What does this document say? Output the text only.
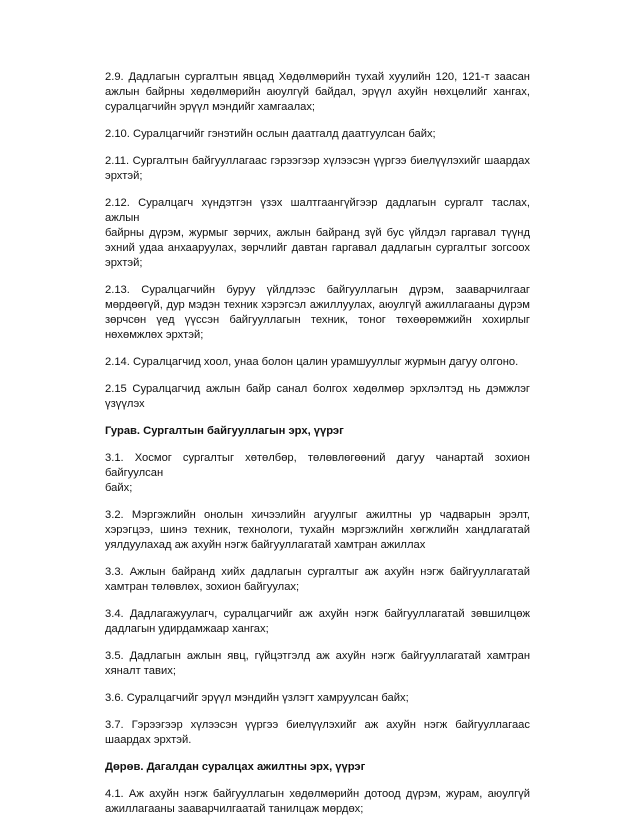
2.9. Дадлагын сургалтын явцад Хөдөлмөрийн тухай хуулийн 120, 121-т заасан
ажлын байрны хөдөлмөрийн аюулгүй байдал, эрүүл ахуйн нөхцөлийг хангах,
суралцагчийн эрүүл мэндийг хамгаалах;
2.10. Суралцагчийг гэнэтийн ослын даатгалд даатгуулсан байх;
2.11. Сургалтын байгууллагаас гэрээгээр хүлээсэн үүргээ биелүүлэхийг шаардах
эрхтэй;
2.12. Суралцагч хүндэтгэн үзэх шалтгаангүйгээр дадлагын сургалт таслах, ажлын
байрны дүрэм, журмыг зөрчих, ажлын байранд зүй бус үйлдэл гаргавал түүнд
эхний удаа анхааруулах, зөрчлийг давтан гаргавал дадлагын сургалтыг зогсоох
эрхтэй;
2.13. Суралцагчийн буруу үйлдлээс байгууллагын дүрэм, зааварчилгааг
мөрдөөгүй, дур мэдэн техник хэрэгсэл ажиллуулах, аюулгүй ажиллагааны дүрэм
зөрчсөн үед үүссэн байгууллагын техник, тоног төхөөрөмжийн хохирлыг
нөхөмжлөх эрхтэй;
2.14. Суралцагчид хоол, унаа болон цалин урамшууллыг журмын дагуу олгоно.
2.15 Суралцагчид ажлын байр санал болгох хөдөлмөр эрхлэлтэд нь дэмжлэг
үзүүлэх
Гурав. Сургалтын байгууллагын эрх, үүрэг
3.1. Хосмог сургалтыг хөтөлбөр, төлөвлөгөөний дагуу чанартай зохион байгуулсан
байх;
3.2. Мэргэжлийн онолын хичээлийн агуулгыг ажилтны ур чадварын эрэлт,
хэрэгцээ, шинэ техник, технологи, тухайн мэргэжлийн хөгжлийн хандлагатай
уялдуулахад аж ахуйн нэгж байгууллагатай хамтран ажиллах
3.3. Ажлын байранд хийх дадлагын сургалтыг аж ахуйн нэгж байгууллагатай
хамтран төлөвлөх, зохион байгуулах;
3.4. Дадлагажуулагч, суралцагчийг аж ахуйн нэгж байгууллагатай зөвшилцөж
дадлагын удирдамжаар хангах;
3.5. Дадлагын ажлын явц, гүйцэтгэлд аж ахуйн нэгж байгууллагатай хамтран
хяналт тавих;
3.6. Суралцагчийг эрүүл мэндийн үзлэгт хамруулсан байх;
3.7. Гэрээгээр хүлээсэн үүргээ биелүүлэхийг аж ахуйн нэгж байгууллагаас
шаардах эрхтэй.
Дөрөв. Дагалдан суралцах ажилтны эрх, үүрэг
4.1. Аж ахуйн нэгж байгууллагын хөдөлмөрийн дотоод дүрэм, журам, аюулгүй
ажиллагааны зааварчилгаатай танилцаж мөрдөх;
